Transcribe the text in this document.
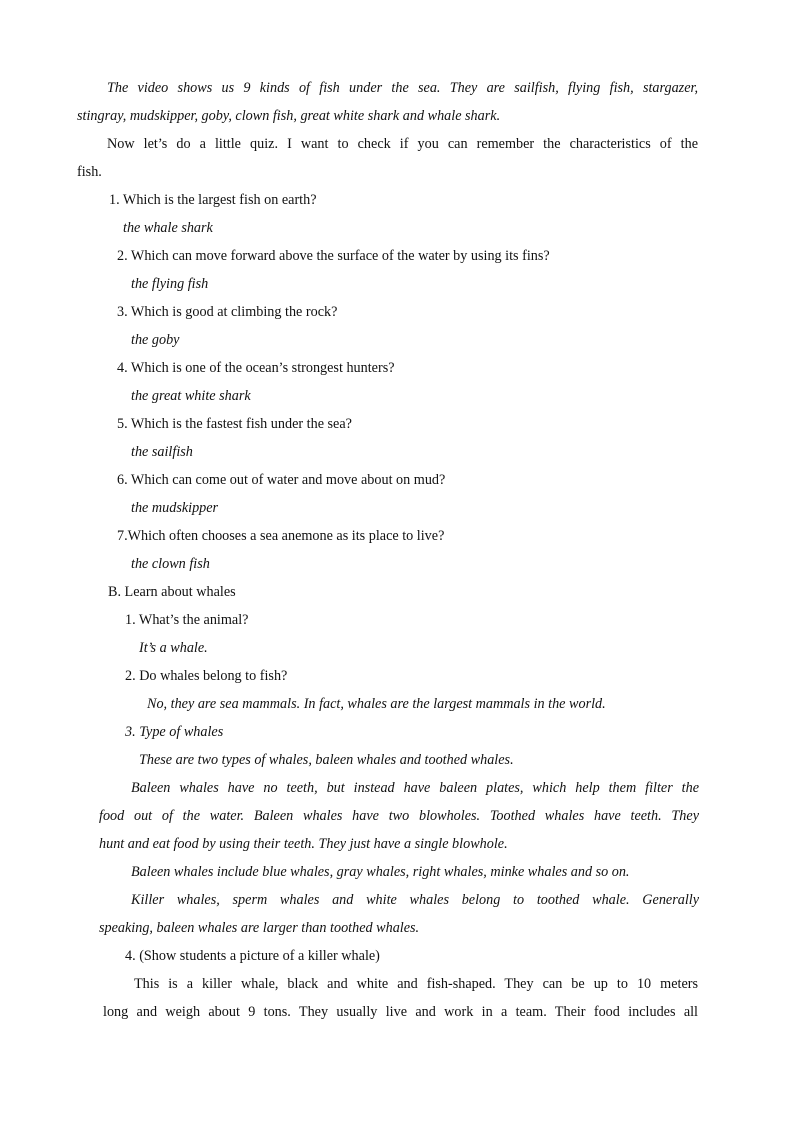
The video shows us 9 kinds of fish under the sea. They are sailfish, flying fish, stargazer,
stingray, mudskipper, goby, clown fish, great white shark and whale shark.
Now let’s do a little quiz. I want to check if you can remember the characteristics of the
fish.
1. Which is the largest fish on earth?
the whale shark
2. Which can move forward above the surface of the water by using its fins?
the flying fish
3. Which is good at climbing the rock?
the goby
4. Which is one of the ocean’s strongest hunters?
the great white shark
5. Which is the fastest fish under the sea?
the sailfish
6. Which can come out of water and move about on mud?
the mudskipper
7.Which often chooses a sea anemone as its place to live?
the clown fish
B. Learn about whales
1. What’s the animal?
It’s a whale.
2. Do whales belong to fish?
No, they are sea mammals. In fact, whales are the largest mammals in the world.
3. Type of whales
These are two types of whales, baleen whales and toothed whales.
Baleen whales have no teeth, but instead have baleen plates, which help them filter the
food out of the water. Baleen whales have two blowholes. Toothed whales have teeth. They
hunt and eat food by using their teeth. They just have a single blowhole.
Baleen whales include blue whales, gray whales, right whales, minke whales and so on.
Killer whales, sperm whales and white whales belong to toothed whale. Generally
speaking, baleen whales are larger than toothed whales.
4. (Show students a picture of a killer whale)
This is a killer whale, black and white and fish-shaped. They can be up to 10 meters
long and weigh about 9 tons. They usually live and work in a team. Their food includes all
